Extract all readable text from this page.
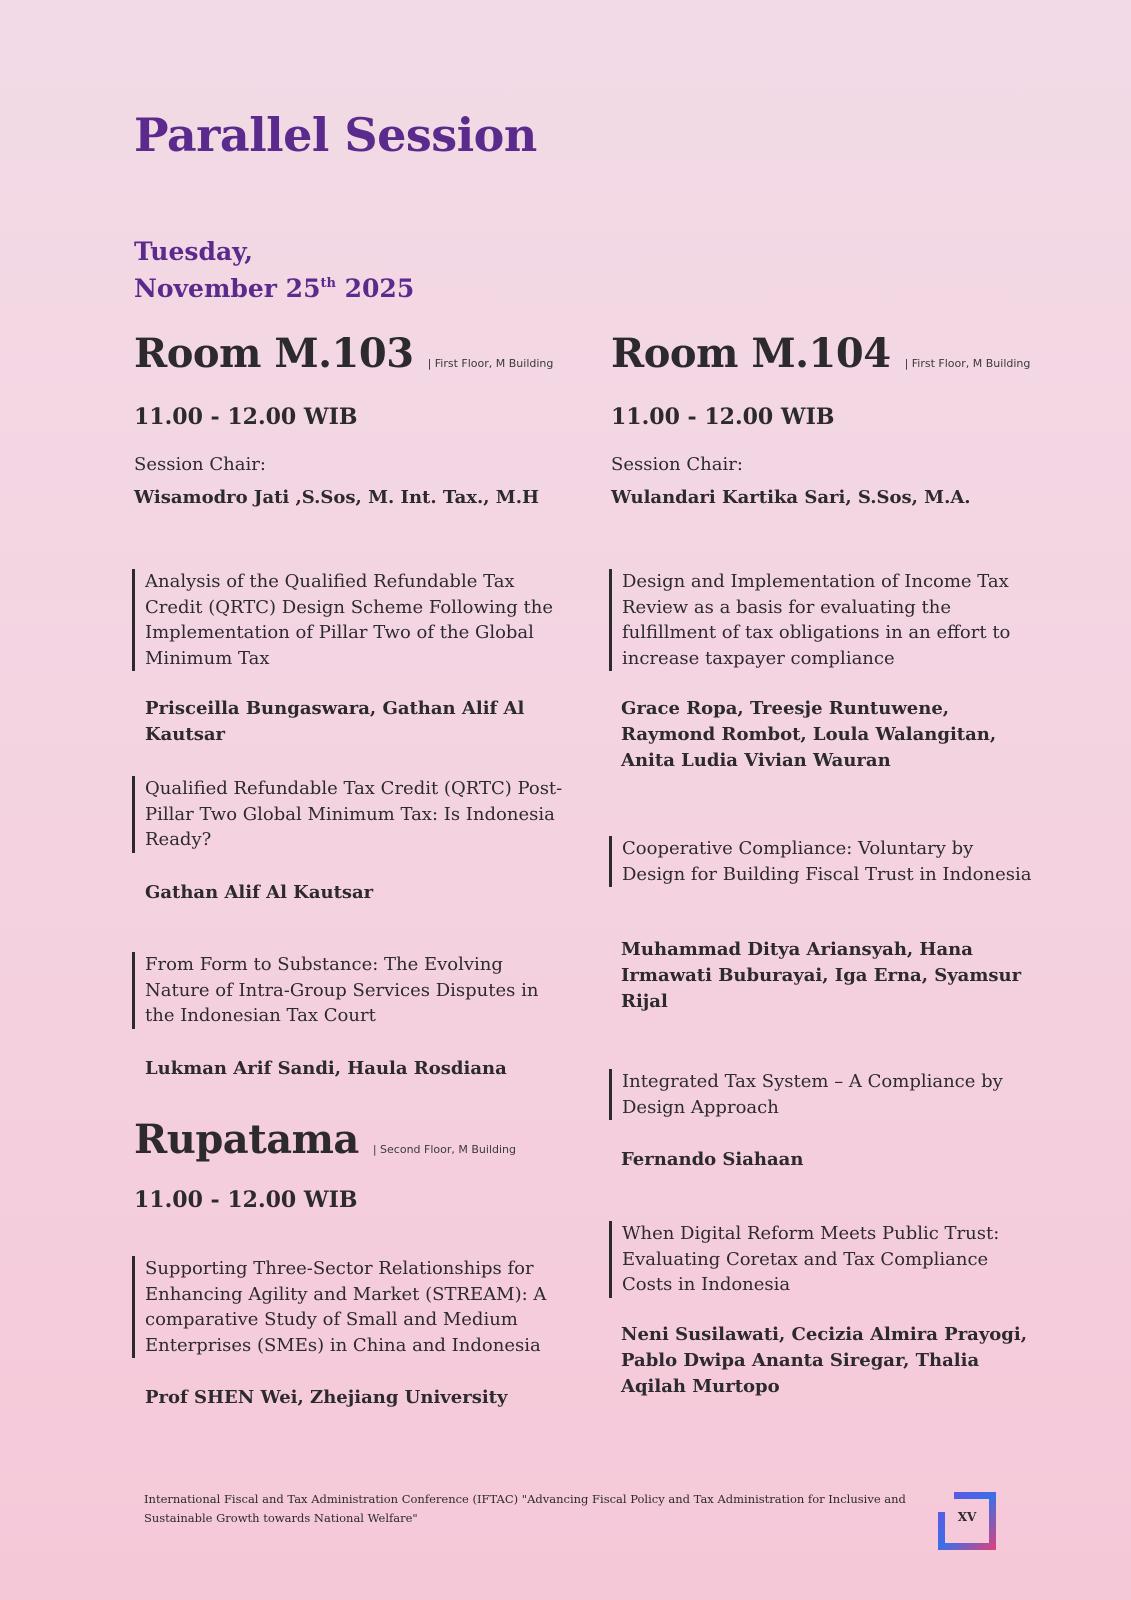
Parallel Session
Tuesday,
November 25th 2025
Room M.103 | First Floor, M Building
11.00 - 12.00 WIB
Session Chair:
Wisamodro Jati ,S.Sos, M. Int. Tax., M.H
Analysis of the Qualified Refundable Tax Credit (QRTC) Design Scheme Following the Implementation of Pillar Two of the Global Minimum Tax
Prisceilla Bungaswara, Gathan Alif Al Kautsar
Qualified Refundable Tax Credit (QRTC) Post-Pillar Two Global Minimum Tax: Is Indonesia Ready?
Gathan Alif Al Kautsar
From Form to Substance: The Evolving Nature of Intra-Group Services Disputes in the Indonesian Tax Court
Lukman Arif Sandi, Haula Rosdiana
Rupatama | Second Floor, M Building
11.00 - 12.00 WIB
Supporting Three-Sector Relationships for Enhancing Agility and Market (STREAM): A comparative Study of Small and Medium Enterprises (SMEs) in China and Indonesia
Prof SHEN Wei, Zhejiang University
Room M.104 | First Floor, M Building
11.00 - 12.00 WIB
Session Chair:
Wulandari Kartika Sari, S.Sos, M.A.
Design and Implementation of Income Tax Review as a basis for evaluating the fulfillment of tax obligations in an effort to increase taxpayer compliance
Grace Ropa, Treesje Runtuwene, Raymond Rombot, Loula Walangitan, Anita Ludia Vivian Wauran
Cooperative Compliance: Voluntary by Design for Building Fiscal Trust in Indonesia
Muhammad Ditya Ariansyah, Hana Irmawati Buburayai, Iga Erna, Syamsur Rijal
Integrated Tax System – A Compliance by Design Approach
Fernando Siahaan
When Digital Reform Meets Public Trust: Evaluating Coretax and Tax Compliance Costs in Indonesia
Neni Susilawati, Cecizia Almira Prayogi, Pablo Dwipa Ananta Siregar, Thalia Aqilah Murtopo
International Fiscal and Tax Administration Conference (IFTAC) "Advancing Fiscal Policy and Tax Administration for Inclusive and Sustainable Growth towards National Welfare"	XV
